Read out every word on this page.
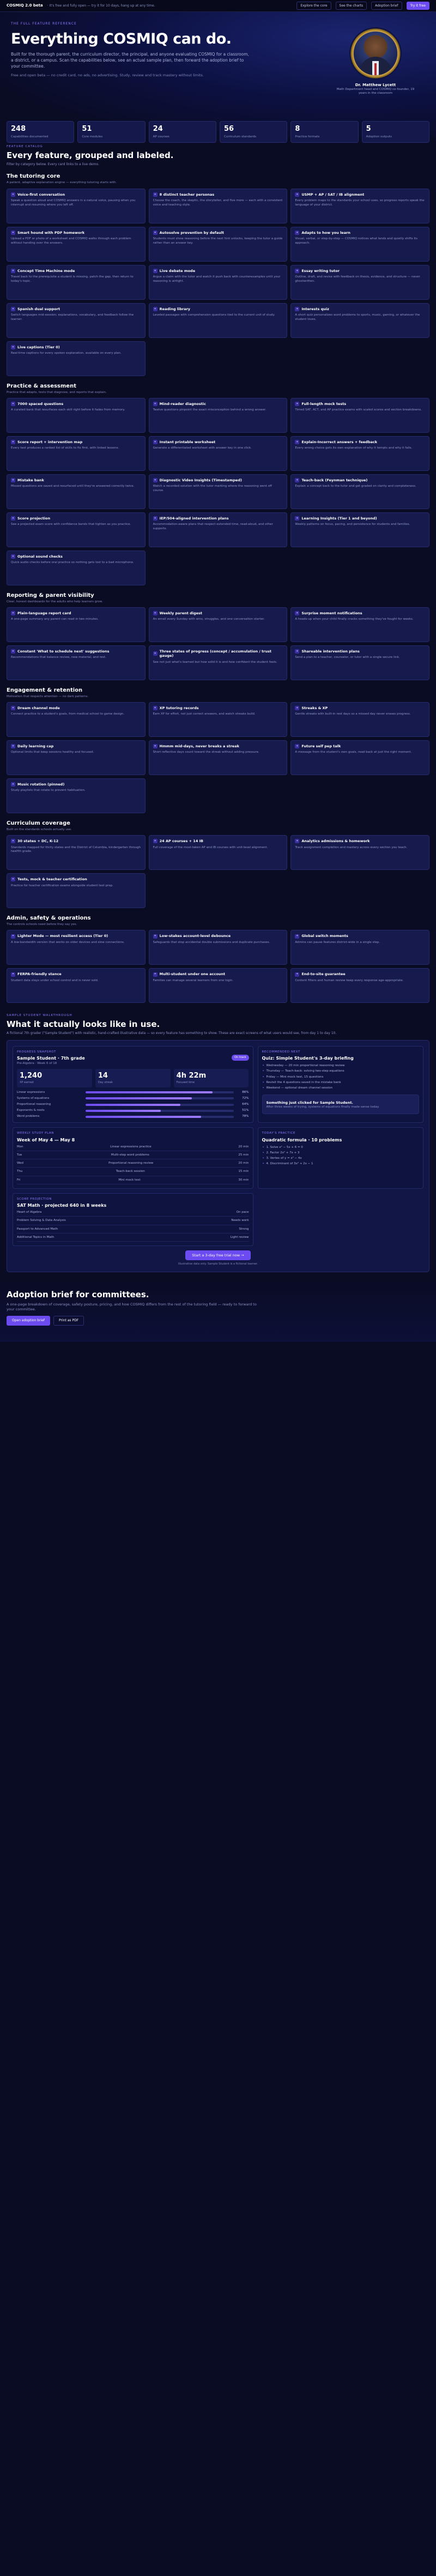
COSMIQ 2.0 beta · It's free and fully open — try it for 10 days, hang up at any time.	Explore the core	See the charts	Adoption brief	Try it free
THE FULL FEATURE REFERENCE
Everything COSMIQ can do.
Built for the thorough parent, the curriculum director, the principal, and anyone evaluating COSMIQ for a classroom, a district, or a campus. Scan the capabilities below, see an actual sample plan, then forward the adoption brief to your committee.
Free and open beta — no credit card, no ads, no advertising. Study, review and track mastery without limits.
Dr. Matthew Lycett
Math Department head and COSMIQ co-founder, 19 years in the classroom
248
Capabilities documented
51
Core modules
24
AP courses
56
Curriculum standards
8
Practice formats
5
Adoption outputs
FEATURE CATALOG
Every feature, grouped and labeled.
Filter by category below. Every card links to a live demo.
The tutoring core
A patient, adaptive explanation engine — everything tutoring starts with.
✦ Voice-first conversation
Speak a question aloud and COSMIQ answers in a natural voice, pausing when you interrupt and resuming where you left off.
✦ 8 distinct teacher personas
Choose the coach, the skeptic, the storyteller, and five more — each with a consistent voice and teaching style.
✦ USMP + AP / SAT / IB alignment
Every problem maps to the standards your school uses, so progress reports speak the language of your district.
✦ Smart hound with PDF homework
Upload a PDF or photo of a worksheet and COSMIQ walks through each problem without handing over the answers.
✦ Autosolve prevention by default
Students must show reasoning before the next hint unlocks, keeping the tutor a guide rather than an answer key.
✦ Adapts to how you learn
Visual, verbal, or step-by-step — COSMIQ notices what lands and quietly shifts its approach.
✦ Concept Time Machine mode
Travel back to the prerequisite a student is missing, patch the gap, then return to today's topic.
✦ Live debate mode
Argue a claim with the tutor and watch it push back with counterexamples until your reasoning is airtight.
✦ Essay writing tutor
Outline, draft, and revise with feedback on thesis, evidence, and structure — never ghostwritten.
✦ Spanish dual support
Switch languages mid-session; explanations, vocabulary, and feedback follow the learner.
✦ Reading library
Leveled passages with comprehension questions tied to the current unit of study.
✦ Interests quiz
A short quiz personalizes word problems to sports, music, gaming, or whatever the student loves.
✦ Live captions (Tier 0)
Real-time captions for every spoken explanation, available on every plan.
Practice & assessment
Practice that adapts, tests that diagnose, and reports that explain.
✦ 7000 spaced questions
A curated bank that resurfaces each skill right before it fades from memory.
✦ Mind-reader diagnostic
Twelve questions pinpoint the exact misconception behind a wrong answer.
✦ Full-length mock tests
Timed SAT, ACT, and AP practice exams with scaled scores and section breakdowns.
✦ Score report + intervention map
Every test produces a ranked list of skills to fix first, with linked lessons.
✦ Instant printable worksheet
Generate a differentiated worksheet with answer key in one click.
✦ Explain-Incorrect answers + feedback
Every wrong choice gets its own explanation of why it tempts and why it fails.
✦ Mistake bank
Missed questions are saved and resurfaced until they're answered correctly twice.
✦ Diagnostic Video Insights (Timestamped)
Watch a recorded solution with the tutor marking where the reasoning went off course.
✦ Teach-back (Feynman technique)
Explain a concept back to the tutor and get graded on clarity and completeness.
✦ Score projection
See a projected exam score with confidence bands that tighten as you practice.
✦ IEP/504-aligned intervention plans
Accommodation-aware plans that respect extended time, read-aloud, and other supports.
✦ Learning Insights (Tier 1 and beyond)
Weekly patterns on focus, pacing, and persistence for students and families.
✦ Optional sound checks
Quick audio checks before oral practice so nothing gets lost to a bad microphone.
Reporting & parent visibility
Clear, honest dashboards for the adults who help learners grow.
✦ Plain-language report card
A one-page summary any parent can read in two minutes.
✦ Weekly parent digest
An email every Sunday with wins, struggles, and one conversation starter.
✦ Surprise moment notifications
A heads-up when your child finally cracks something they've fought for weeks.
✦ Constant 'What to schedule next' suggestions
Recommendations that balance review, new material, and rest.
✦
Three states of progress (concept / accumulation / trust gauge)
See not just what's learned but how solid it is and how confident the student feels.
✦ Shareable intervention plans
Send a plan to a teacher, counselor, or tutor with a single secure link.
Engagement & retention
Motivation that respects attention — no dark patterns.
✦ Dream channel mode
Connect practice to a student's goals, from medical school to game design.
✦ XP tutoring records
Earn XP for effort, not just correct answers, and watch streaks build.
✦ Streaks & XP
Gentle streaks with built-in rest days so a missed day never erases progress.
✦ Daily learning cap
Optional limits that keep sessions healthy and focused.
✦ Hmmm mid-days, never breaks a streak
Short reflective days count toward the streak without adding pressure.
✦ Future self pep talk
A message from the student's own goals, read back at just the right moment.
✦ Music rotation (pinned)
Study playlists that rotate to prevent habituation.
Curriculum coverage
Built on the standards schools actually use.
✦ 30 states + DC, K-12
Standards mapped for thirty states and the District of Columbia, kindergarten through twelfth grade.
✦ 24 AP courses + 14 IB
Full coverage of the most-taken AP and IB courses with unit-level alignment.
✦ Analytics admissions & homework
Track assignment completion and mastery across every section you teach.
✦ Tests, mock & teacher certification
Practice for teacher certification exams alongside student test prep.
Admin, safety & operations
The controls schools need before they say yes.
✦ Lighter Mode — most resilient access (Tier 0)
A low-bandwidth version that works on older devices and slow connections.
✦ Low-stakes account-level debounce
Safeguards that stop accidental double submissions and duplicate purchases.
✦ Global switch moments
Admins can pause features district-wide in a single step.
✦ FERPA-friendly stance
Student data stays under school control and is never sold.
✦ Multi-student under one account
Families can manage several learners from one login.
✦ End-to-site guarantee
Content filters and human review keep every response age-appropriate.
SAMPLE STUDENT WALKTHROUGH
What it actually looks like in use.
A fictional 7th grader ("Sample Student") with realistic, hand-crafted illustrative data — so every feature has something to show. These are exact screens of what users would see, from day 1 to day 10.
PROGRESS SNAPSHOT
Sample Student · 7th grade	On track
Pre-Algebra · Week 6 of 18
1,240
XP earned
14
Day streak
4h 22m
Focused time
Linear expressions	86%
Systems of equations	72%
Proportional reasoning	64%
Exponents & roots	51%
Word problems	78%
RECOMMENDED NEXT
Quiz: Simple Student's 3-day briefing
• Wednesday — 20 min proportional reasoning review
• Thursday — Teach-back: solving two-step equations
• Friday — Mini mock test, 15 questions
• Revisit the 4 questions saved in the mistake bank
• Weekend — optional dream channel session
Something just clicked for Sample Student.
After three weeks of trying, systems of equations finally made sense today.
WEEKLY STUDY PLAN
Week of May 4 — May 8
Mon	Linear expressions practice	20 min
Tue	Multi-step word problems	25 min
Wed	Proportional reasoning review	20 min
Thu	Teach-back session	15 min
Fri	Mini mock test	30 min
TODAY'S PRACTICE
Quadratic formula · 10 problems
• 1. Solve x² − 5x + 6 = 0
• 2. Factor 2x² + 7x + 3
• 3. Vertex of y = x² − 4x
• 4. Discriminant of 3x² + 2x − 1
SCORE PROJECTION
SAT Math · projected 640 in 8 weeks
Heart of Algebra	On pace
Problem Solving & Data Analysis	Needs work
Passport to Advanced Math	Strong
Additional Topics in Math	Light review
Start a 3-day free trial now →
Illustrative data only. Sample Student is a fictional learner.
Adoption brief for committees.

A one-page breakdown of coverage, safety posture, pricing, and how COSMIQ differs from the rest of the tutoring field — ready to forward to your committee.

Open adoption brief	Print as PDF
